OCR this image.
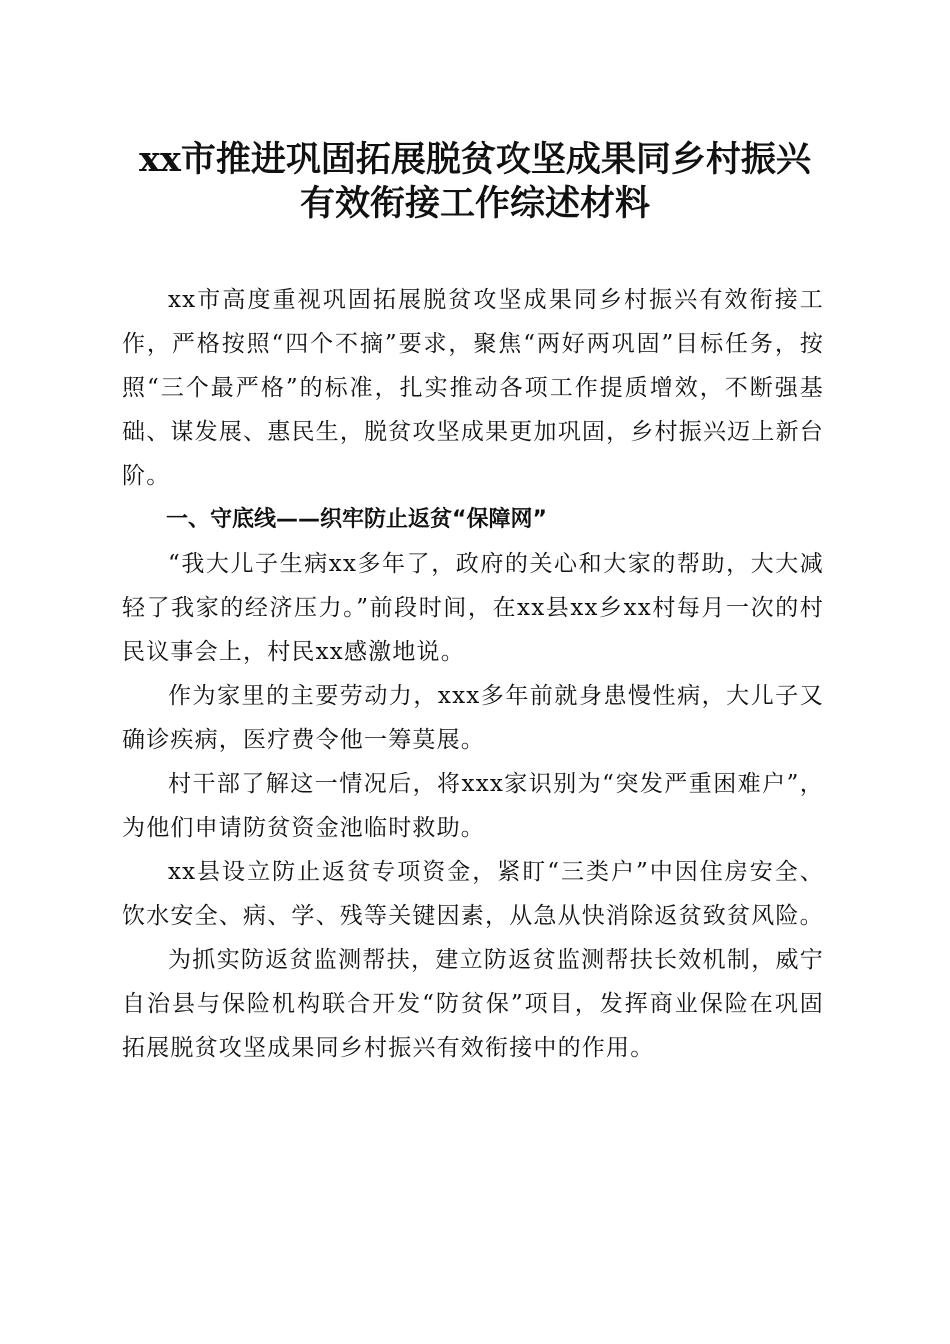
xx市推进巩固拓展脱贫攻坚成果同乡村振兴
有效衔接工作综述材料

xx市高度重视巩固拓展脱贫攻坚成果同乡村振兴有效衔接工作，严格按照“四个不摘”要求，聚焦“两好两巩固”目标任务，按照“三个最严格”的标准，扎实推动各项工作提质增效，不断强基础、谋发展、惠民生，脱贫攻坚成果更加巩固，乡村振兴迈上新台阶。

一、守底线——织牢防止返贫“保障网”

“我大儿子生病xx多年了，政府的关心和大家的帮助，大大减轻了我家的经济压力。”前段时间，在xx县xx乡xx村每月一次的村民议事会上，村民xx感激地说。

作为家里的主要劳动力，xxx多年前就身患慢性病，大儿子又确诊疾病，医疗费令他一筹莫展。

村干部了解这一情况后，将xxx家识别为“突发严重困难户”，为他们申请防贫资金池临时救助。

xx县设立防止返贫专项资金，紧盯“三类户”中因住房安全、饮水安全、病、学、残等关键因素，从急从快消除返贫致贫风险。

为抓实防返贫监测帮扶，建立防返贫监测帮扶长效机制，威宁自治县与保险机构联合开发“防贫保”项目，发挥商业保险在巩固拓展脱贫攻坚成果同乡村振兴有效衔接中的作用。
